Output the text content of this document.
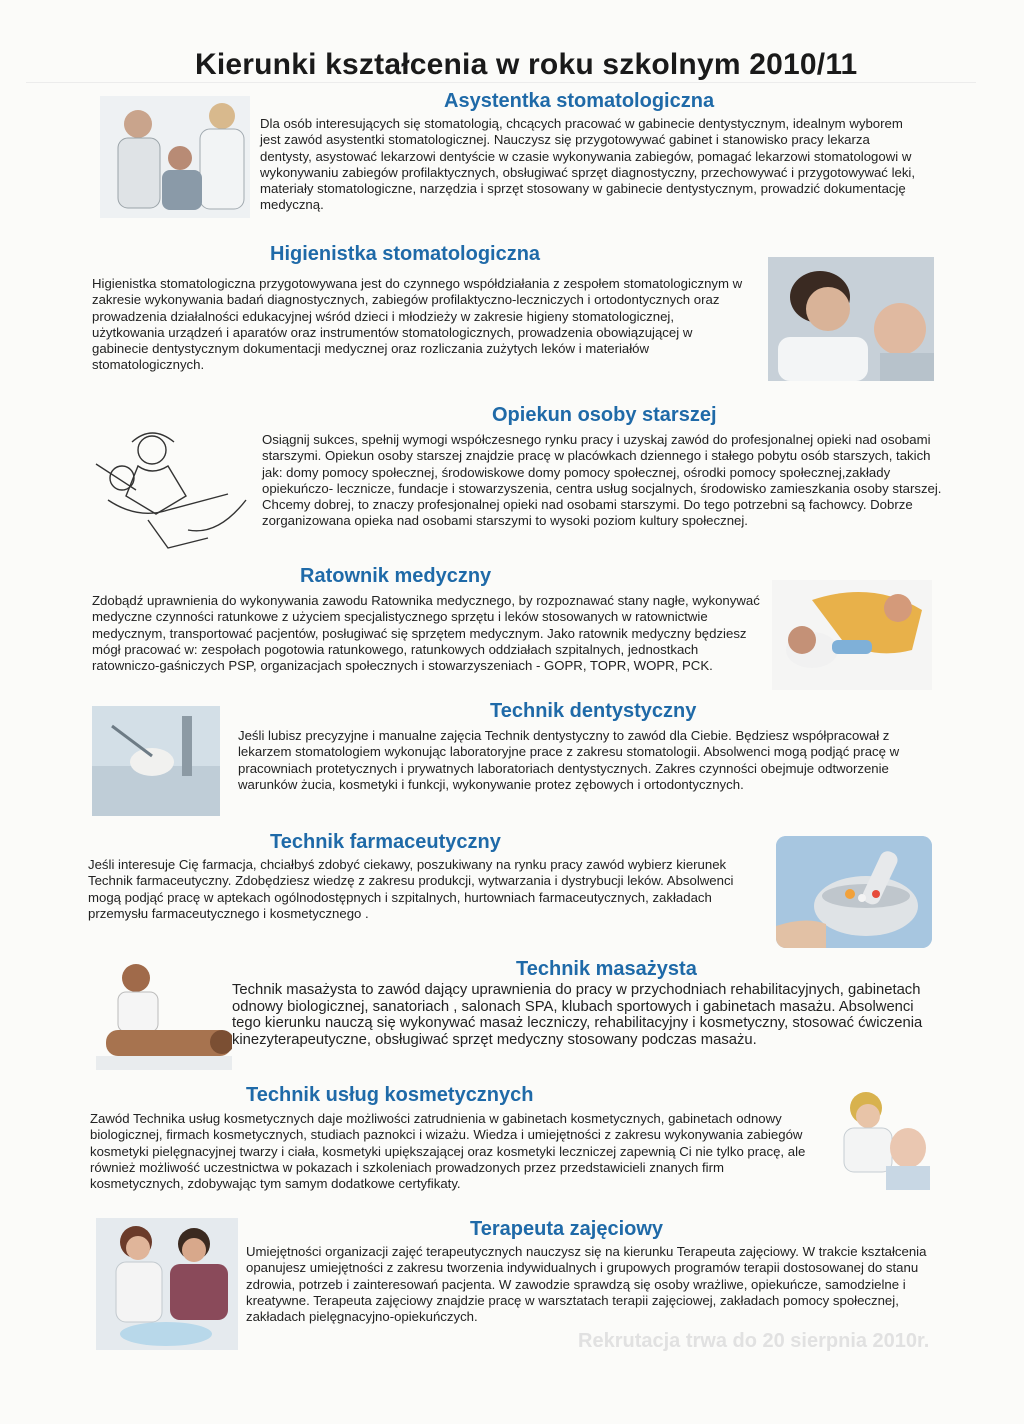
Kierunki kształcenia w roku szkolnym 2010/11
Asystentka stomatologiczna

Dla osób interesujących się stomatologią, chcących pracować w gabinecie dentystycznym, idealnym wyborem jest zawód asystentki stomatologicznej. Nauczysz się przygotowywać gabinet i stanowisko pracy lekarza dentysty, asystować lekarzowi dentyście w czasie wykonywania zabiegów, pomagać lekarzowi stomatologowi w wykonywaniu zabiegów profilaktycznych, obsługiwać sprzęt diagnostyczny, przechowywać i przygotowywać leki, materiały stomatologiczne, narzędzia i sprzęt stosowany w gabinecie dentystycznym, prowadzić dokumentację medyczną.

Higienistka stomatologiczna

Higienistka stomatologiczna przygotowywana jest do czynnego współdziałania z zespołem stomatologicznym w zakresie wykonywania badań diagnostycznych, zabiegów profilaktyczno-leczniczych i ortodontycznych oraz prowadzenia działalności edukacyjnej wśród dzieci i młodzieży w zakresie higieny stomatologicznej, użytkowania urządzeń i aparatów oraz instrumentów stomatologicznych, prowadzenia obowiązującej w gabinecie dentystycznym dokumentacji medycznej oraz rozliczania zużytych leków i materiałów stomatologicznych.

Opiekun osoby starszej

Osiągnij sukces, spełnij wymogi współczesnego rynku pracy i uzyskaj zawód do profesjonalnej opieki nad osobami starszymi. Opiekun osoby starszej znajdzie pracę w placówkach dziennego i stałego pobytu osób starszych, takich jak: domy pomocy społecznej, środowiskowe domy pomocy społecznej, ośrodki pomocy społecznej,zakłady opiekuńczo- lecznicze, fundacje i stowarzyszenia, centra usług socjalnych, środowisko zamieszkania osoby starszej. Chcemy dobrej, to znaczy profesjonalnej opieki nad osobami starszymi. Do tego potrzebni są fachowcy. Dobrze zorganizowana opieka nad osobami starszymi to wysoki poziom kultury społecznej.

Ratownik medyczny

Zdobądź uprawnienia do wykonywania zawodu Ratownika medycznego, by rozpoznawać stany nagłe, wykonywać medyczne czynności ratunkowe z użyciem specjalistycznego sprzętu i leków stosowanych w ratownictwie medycznym, transportować pacjentów, posługiwać się sprzętem medycznym. Jako ratownik medyczny będziesz mógł pracować w: zespołach pogotowia ratunkowego, ratunkowych oddziałach szpitalnych, jednostkach ratowniczo-gaśniczych PSP, organizacjach społecznych i stowarzyszeniach - GOPR, TOPR, WOPR, PCK.

Technik dentystyczny

Jeśli lubisz precyzyjne i manualne zajęcia Technik dentystyczny to zawód dla Ciebie. Będziesz współpracował z lekarzem stomatologiem wykonując laboratoryjne prace z zakresu stomatologii. Absolwenci mogą podjąć pracę w pracowniach protetycznych i prywatnych laboratoriach dentystycznych. Zakres czynności obejmuje odtworzenie warunków żucia, kosmetyki i funkcji, wykonywanie protez zębowych i ortodontycznych.

Technik farmaceutyczny

Jeśli interesuje Cię farmacja, chciałbyś zdobyć ciekawy, poszukiwany na rynku pracy zawód wybierz kierunek Technik farmaceutyczny. Zdobędziesz wiedzę z zakresu produkcji, wytwarzania i dystrybucji leków. Absolwenci mogą podjąć pracę w aptekach ogólnodostępnych i szpitalnych, hurtowniach farmaceutycznych, zakładach przemysłu farmaceutycznego i kosmetycznego .

Technik masażysta

Technik masażysta to zawód dający uprawnienia do pracy w przychodniach rehabilitacyjnych, gabinetach odnowy biologicznej, sanatoriach , salonach SPA, klubach sportowych i gabinetach masażu. Absolwenci tego kierunku nauczą się wykonywać masaż leczniczy, rehabilitacyjny i kosmetyczny, stosować ćwiczenia kinezyterapeutyczne, obsługiwać sprzęt medyczny stosowany podczas masażu.

Technik usług kosmetycznych

Zawód Technika usług kosmetycznych daje możliwości zatrudnienia w gabinetach kosmetycznych, gabinetach odnowy biologicznej, firmach kosmetycznych, studiach paznokci i wizażu. Wiedza i umiejętności z zakresu wykonywania zabiegów kosmetyki pielęgnacyjnej twarzy i ciała, kosmetyki upiększającej oraz kosmetyki leczniczej zapewnią Ci nie tylko pracę, ale również możliwość uczestnictwa w pokazach i szkoleniach prowadzonych przez przedstawicieli znanych firm kosmetycznych, zdobywając tym samym dodatkowe certyfikaty.

Terapeuta zajęciowy

Umiejętności organizacji zajęć terapeutycznych nauczysz się na kierunku Terapeuta zajęciowy. W trakcie kształcenia opanujesz umiejętności z zakresu tworzenia indywidualnych i grupowych programów terapii dostosowanej do stanu zdrowia, potrzeb i zainteresowań pacjenta. W zawodzie sprawdzą się osoby wrażliwe, opiekuńcze, samodzielne i kreatywne. Terapeuta zajęciowy znajdzie pracę w warsztatach terapii zajęciowej, zakładach pomocy społecznej, zakładach pielęgnacyjno-opiekuńczych.

Rekrutacja trwa do 20 sierpnia 2010r.
